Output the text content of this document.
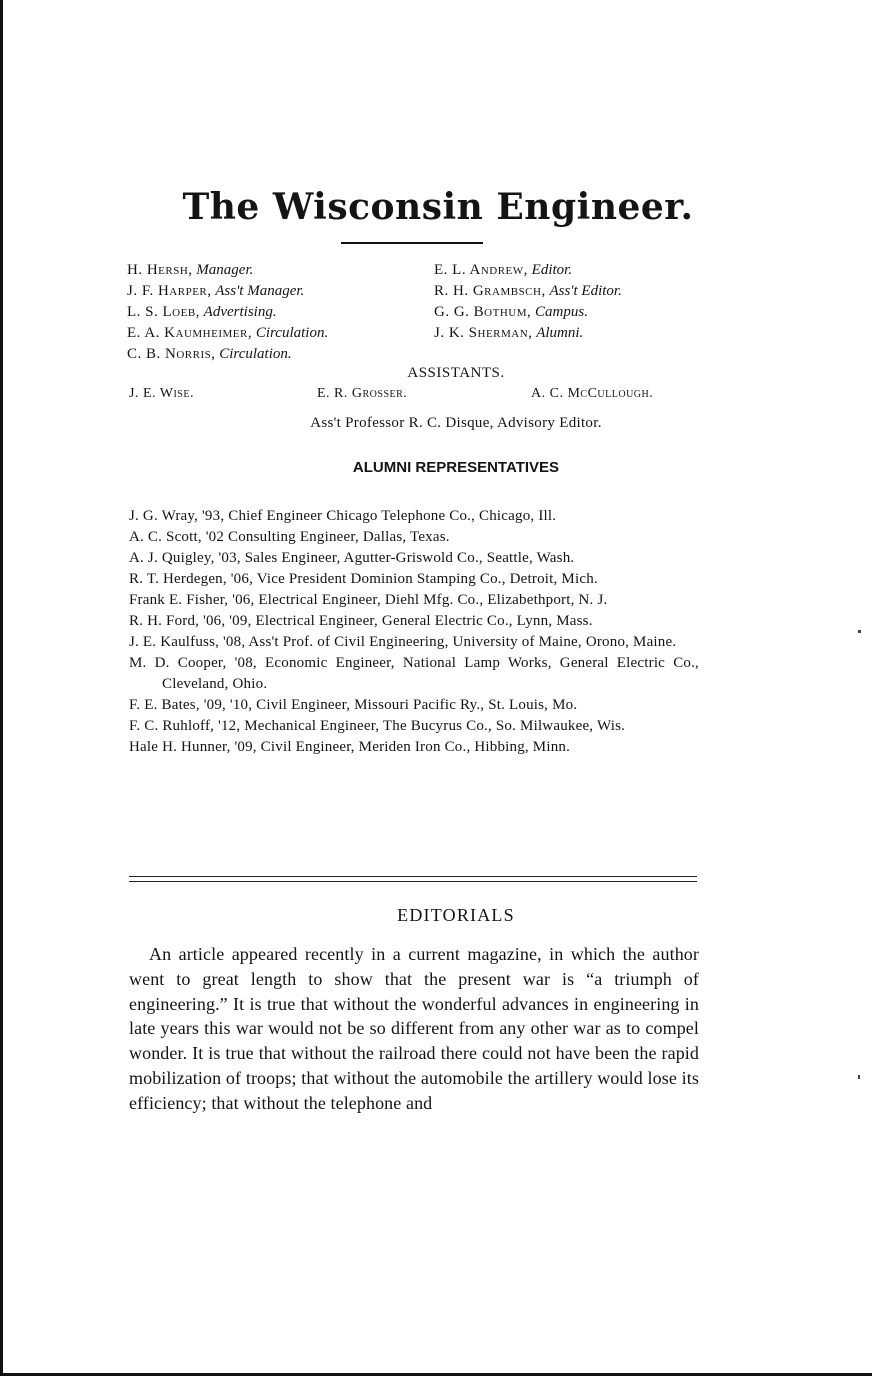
The Wisconsin Engineer.
H. Hersh, Manager.
J. F. Harper, Ass't Manager.
L. S. Loeb, Advertising.
E. A. Kaumheimer, Circulation.
C. B. Norris, Circulation.
E. L. Andrew, Editor.
R. H. Grambsch, Ass't Editor.
G. G. Bothum, Campus.
J. K. Sherman, Alumni.
ASSISTANTS.
J. E. Wise.	E. R. Grosser.	A. C. McCullough.
Ass't Professor R. C. Disque, Advisory Editor.
ALUMNI REPRESENTATIVES
J. G. Wray, '93, Chief Engineer Chicago Telephone Co., Chicago, Ill.
A. C. Scott, '02 Consulting Engineer, Dallas, Texas.
A. J. Quigley, '03, Sales Engineer, Agutter-Griswold Co., Seattle, Wash.
R. T. Herdegen, '06, Vice President Dominion Stamping Co., Detroit, Mich.
Frank E. Fisher, '06, Electrical Engineer, Diehl Mfg. Co., Elizabethport, N. J.
R. H. Ford, '06, '09, Electrical Engineer, General Electric Co., Lynn, Mass.
J. E. Kaulfuss, '08, Ass't Prof. of Civil Engineering, University of Maine, Orono, Maine.
M. D. Cooper, '08, Economic Engineer, National Lamp Works, General Electric Co., Cleveland, Ohio.
F. E. Bates, '09, '10, Civil Engineer, Missouri Pacific Ry., St. Louis, Mo.
F. C. Ruhloff, '12, Mechanical Engineer, The Bucyrus Co., So. Milwaukee, Wis.
Hale H. Hunner, '09, Civil Engineer, Meriden Iron Co., Hibbing, Minn.
EDITORIALS
An article appeared recently in a current magazine, in which the author went to great length to show that the present war is “a triumph of engineering.” It is true that without the wonderful advances in engineering in late years this war would not be so different from any other war as to compel wonder. It is true that without the railroad there could not have been the rapid mobilization of troops; that without the automobile the artillery would lose its efficiency; that without the telephone and
